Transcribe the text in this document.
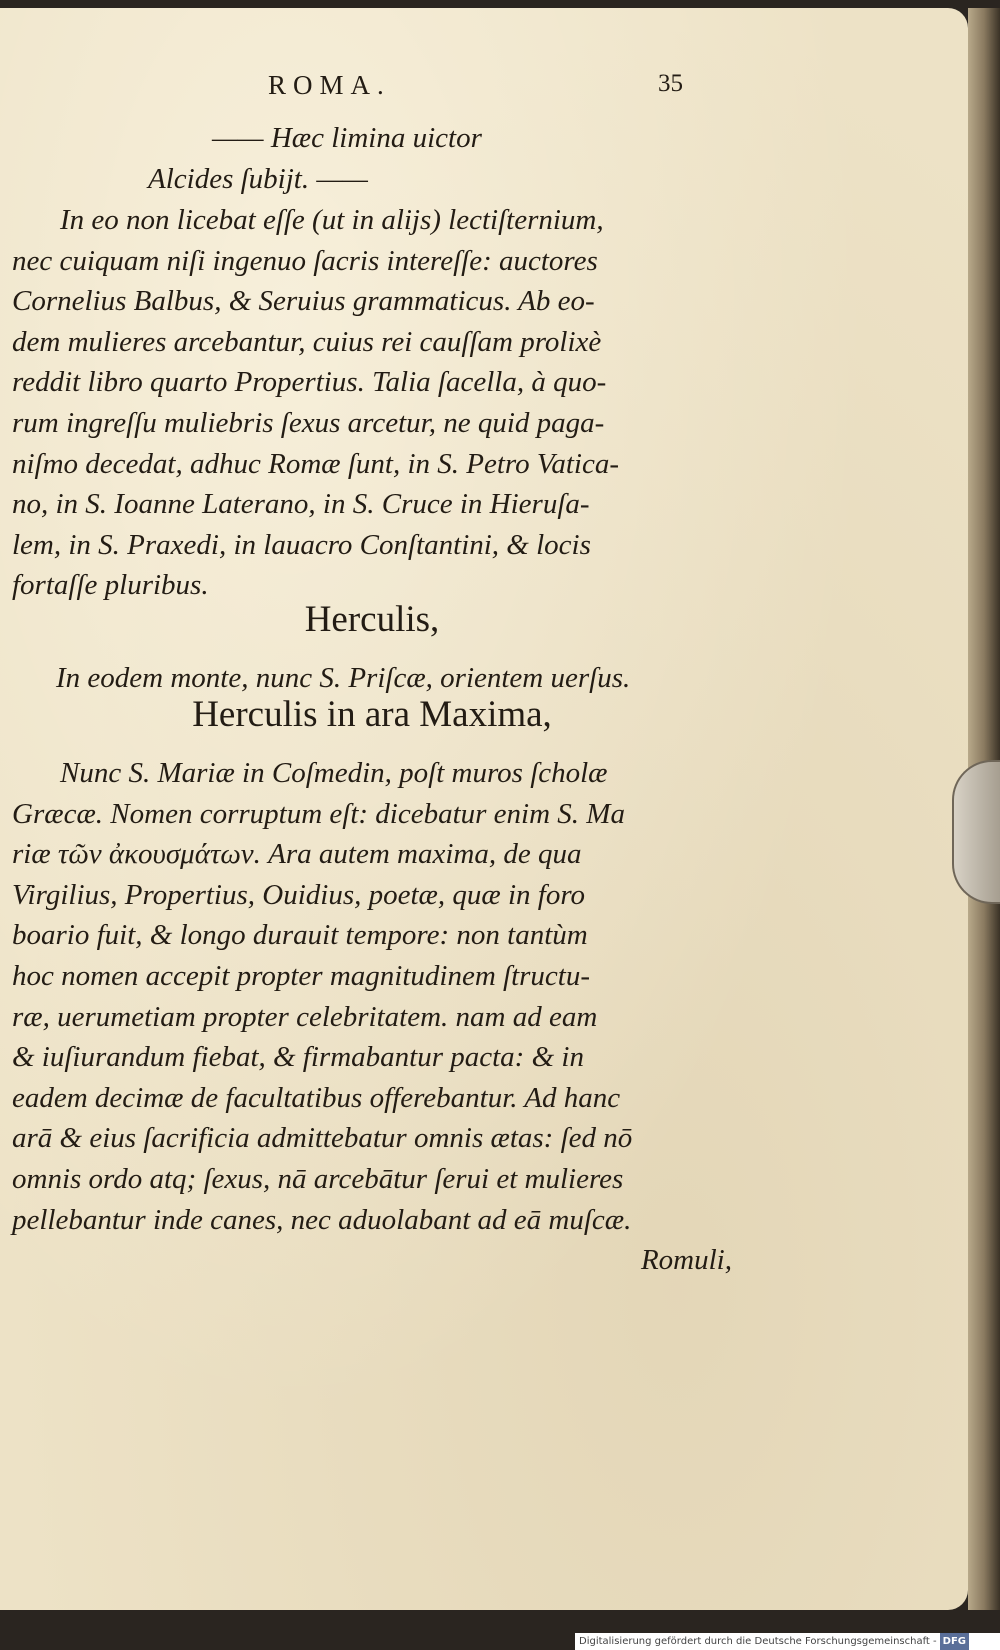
ROMA.	35
—— Hæc limina uictor
Alcides ſubijt. ——
In eo non licebat eſſe (ut in alijs) lectiſternium,
nec cuiquam niſi ingenuo ſacris intereſſe: auctores
Cornelius Balbus, & Seruius grammaticus. Ab eo-
dem mulieres arcebantur, cuius rei cauſſam prolixè
reddit libro quarto Propertius. Talia ſacella, à quo-
rum ingreſſu muliebris ſexus arcetur, ne quid paga-
niſmo decedat, adhuc Romæ ſunt, in S. Petro Vatica-
no, in S. Ioanne Laterano, in S. Cruce in Hieruſa-
lem, in S. Praxedi, in lauacro Conſtantini, & locis
fortaſſe pluribus.
Herculis,
In eodem monte, nunc S. Priſcæ, orientem uerſus.
Herculis in ara Maxima,
Nunc S. Mariæ in Coſmedin, poſt muros ſcholæ
Græcæ. Nomen corruptum eſt: dicebatur enim S. Ma
riæ τῶν ἀκουσμάτων. Ara autem maxima, de qua
Virgilius, Propertius, Ouidius, poetæ, quæ in foro
boario fuit, & longo durauit tempore: non tantùm
hoc nomen accepit propter magnitudinem ſtructu-
ræ, uerumetiam propter celebritatem. nam ad eam
& iuſiurandum fiebat, & firmabantur pacta: & in
eadem decimæ de facultatibus offerebantur. Ad hanc
arā & eius ſacrificia admittebatur omnis ætas: ſed nō
omnis ordo atq; ſexus, nā arcebātur ſerui et mulieres
pellebantur inde canes, nec aduolabant ad eā muſcæ.
Romuli,
Digitalisierung gefördert durch die Deutsche Forschungsgemeinschaft - DFG
